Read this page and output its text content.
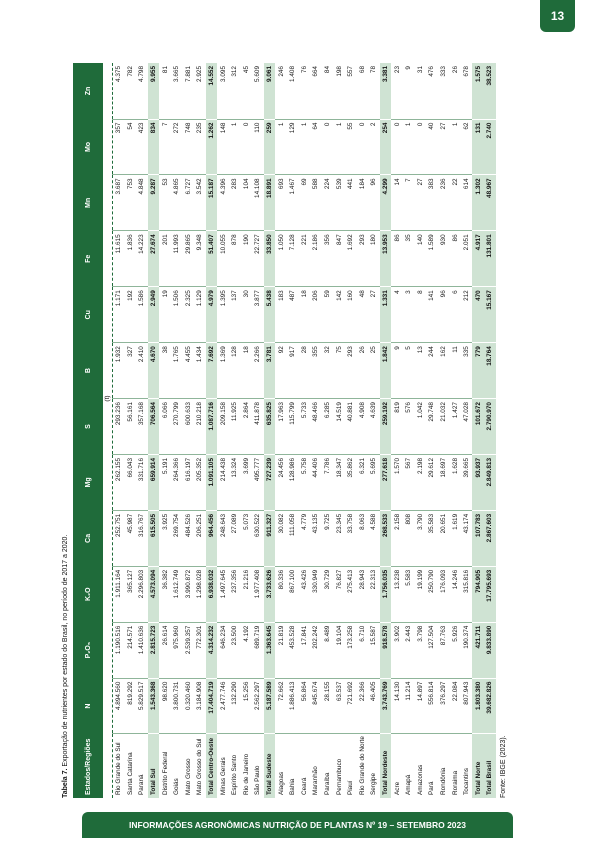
13
Tabela 7. Exportação de nutrientes por estado do Brasil, no período de 2017 a 2020.	Estados/Regiões	N	P₂O₅	K₂O	Ca	Mg	S	B	Cu	Fe	Mn	Mo	Zn
	(t)											
Rio Grande do Sul	4.894.560	1.190.516	1.911.164	252.751	262.155	293.236	1.932	1.171	11.615	3.687	357	4.375
Santa Catarina	819.292	214.571	365.127	45.987	66.043	56.161	327	192	1.836	753	54	782
Paraná	5.829.517	1.410.636	2.296.803	316.767	331.716	357.168	2.410	1.586	14.223	4.848	423	4.798
Total Sul	1.543.368	2.815.723	4.573.094	615.505	659.914	706.564	4.670	2.949	27.674	9.287	834	9.955
Distrito Federal	98.620	26.614	36.382	3.925	5.191	6.066	38	19	201	53	7	81
Goiás	3.800.731	975.960	1.612.749	269.754	264.366	270.799	1.765	1.506	11.993	4.865	272	3.665
Mato Grosso	0.320.460	2.539.357	3.990.872	484.526	616.197	600.633	4.455	2.325	29.865	6.727	748	7.881
Mato Grosso do Sul	3.184.908	772.301	1.298.028	206.251	205.352	210.218	1.434	1.129	9.348	3.542	235	2.925
Total Centro-Oeste	17.404.719	4.314.232	6.938.032	964.456	1.091.105	1.087.716	7.692	4.979	51.407	15.187	1.262	14.552
Minas Gerais	2.477.746	646.234	1.497.645	248.643	214.438	209.158	1.369	1.395	10.055	4.396	148	3.095
Espírito Santo	132.290	23.500	237.356	27.089	13.324	11.925	128	137	878	283	1	312
Rio de Janeiro	15.256	4.192	21.216	5.073	3.699	2.864	18	30	190	104	0	45
São Paulo	2.562.297	689.719	1.977.408	630.522	495.777	411.878	2.266	3.877	22.727	14.108	110	5.609
Total Sudeste	5.187.589	1.363.645	3.733.626	911.327	727.239	635.825	3.781	5.438	33.850	18.891	259	9.061
Alagoas	72.662	21.819	80.336	30.082	24.456	17.963	92	183	1.050	693	1	246
Bahia	1.886.413	453.528	867.100	111.058	128.986	115.799	917	487	7.128	1.467	129	1.408
Ceará	56.864	17.841	43.426	4.779	5.758	5.733	28	18	221	69	1	76
Maranhão	845.674	202.242	330.949	43.135	44.406	48.466	355	206	2.186	588	64	664
Paraíba	28.155	8.489	30.729	9.725	7.786	6.285	32	59	356	224	0	84
Pernambuco	63.537	19.104	76.827	23.345	18.347	14.519	75	142	847	539	1	198
Piauí	721.692	173.258	275.413	33.758	35.862	40.881	293	160	1.692	441	55	557
Rio Grande do Norte	22.366	6.710	28.943	8.063	6.321	4.908	26	48	293	184	0	68
Sergipe	46.405	15.587	22.313	4.588	5.695	4.639	25	27	180	96	2	78
Total Nordeste	3.743.769	918.578	1.756.035	268.533	277.618	259.192	1.842	1.331	13.953	4.299	254	3.381
Acre	14.130	3.902	13.238	2.158	1.570	819	9	4	86	14	0	23
Amapá	11.214	2.443	5.583	808	567	576	5	3	35	7	1	9
Amazonas	14.897	3.798	19.199	3.790	2.198	1.042	13	8	140	27	0	31
Pará	556.814	127.504	250.790	35.583	29.612	29.748	244	141	1.589	383	40	476
Rondônia	376.297	87.763	176.093	20.651	18.697	21.032	162	96	930	236	27	333
Roraima	22.084	5.926	14.246	1.619	1.628	1.427	11	6	86	22	1	26
Tocantins	807.943	190.374	315.816	43.174	39.665	47.028	335	212	2.051	614	62	678
Total Norte	1.803.380	421.711	794.905	107.783	93.937	101.672	779	470	4.917	1.302	131	1.575
Total Brasil	39.682.826	9.833.890	17.795.693	2.867.603	2.849.813	2.790.970	18.764	15.167	131.801	48.967	2.740	38.523
Fonte: IBGE (2023).
INFORMAÇÕES AGRONÔMICAS NUTRIÇÃO DE PLANTAS Nº 19 – SETEMBRO 2023
